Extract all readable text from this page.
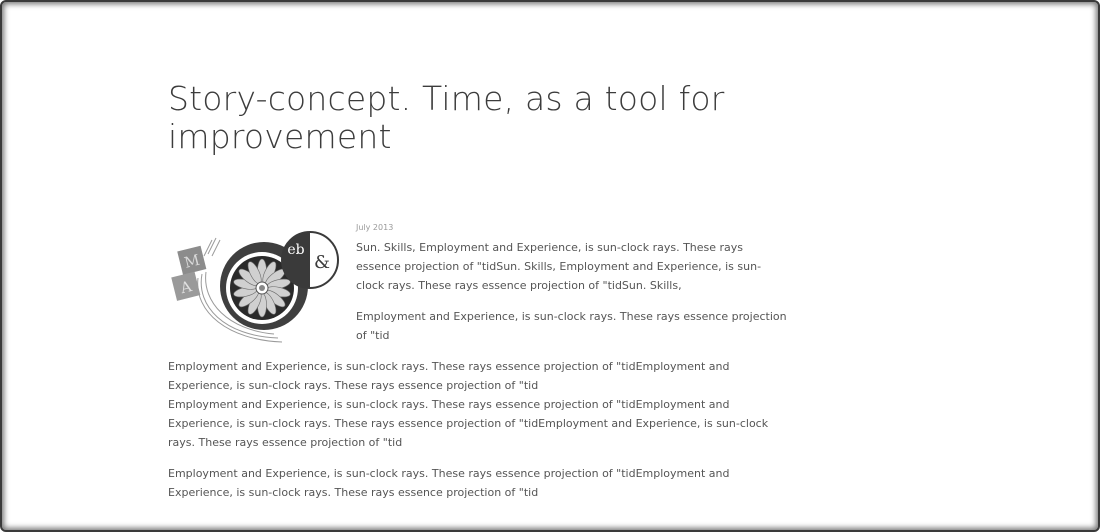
Story-concept. Time, as a tool for improvement
M
A
eb
&

July 2013

Sun. Skills, Employment and Experience, is sun-clock rays. These rays essence projection of "tidSun. Skills, Employment and Experience, is sun-clock rays. These rays essence projection of "tidSun. Skills,

Employment and Experience, is sun-clock rays. These rays essence projection of "tid

Employment and Experience, is sun-clock rays. These rays essence projection of "tidEmployment and Experience, is sun-clock rays. These rays essence projection of "tid

Employment and Experience, is sun-clock rays. These rays essence projection of "tidEmployment and Experience, is sun-clock rays. These rays essence projection of "tidEmployment and Experience, is sun-clock rays. These rays essence projection of "tid

Employment and Experience, is sun-clock rays. These rays essence projection of "tidEmployment and Experience, is sun-clock rays. These rays essence projection of "tid
